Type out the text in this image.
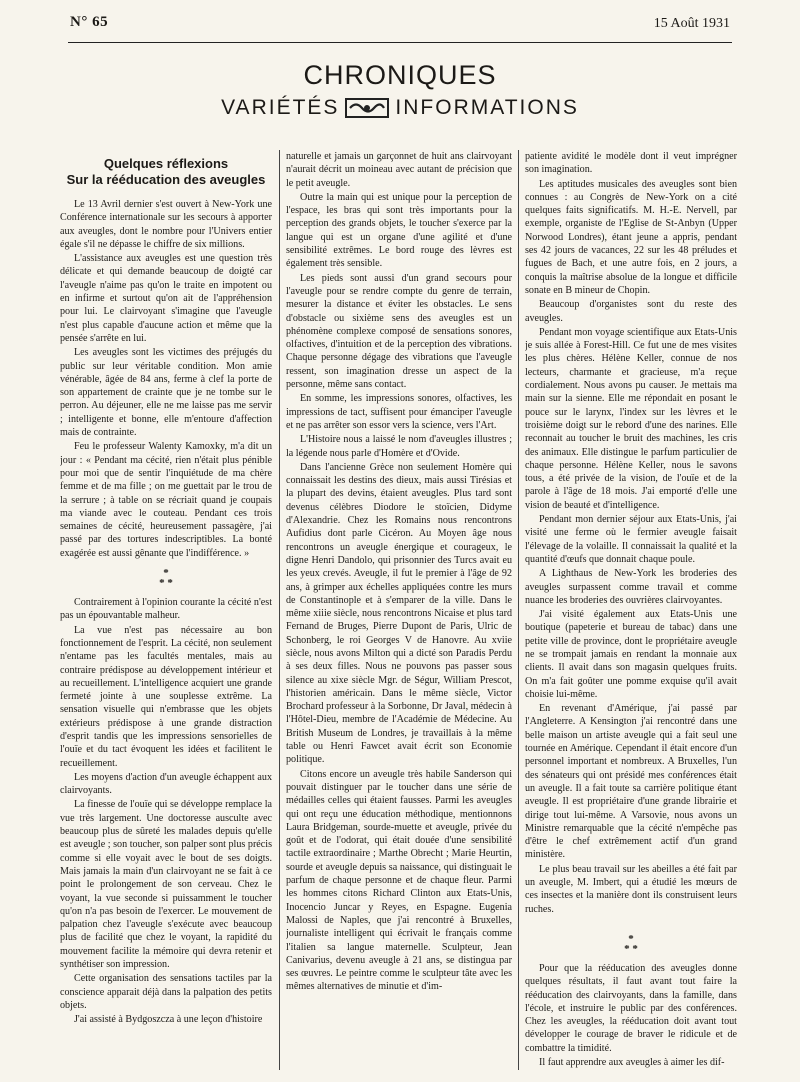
N° 65	15 Août 1931
CHRONIQUES
VARIÉTÉS	INFORMATIONS
Quelques réflexions
Sur la rééducation des aveugles

Le 13 Avril dernier s'est ouvert à New-York une Conférence internationale sur les secours à apporter aux aveugles, dont le nombre pour l'Univers entier égale s'il ne dépasse le chiffre de six millions.

L'assistance aux aveugles est une question très délicate et qui demande beaucoup de doigté car l'aveugle n'aime pas qu'on le traite en impotent ou en infirme et surtout qu'on ait de l'appréhension pour lui. Le clairvoyant s'imagine que l'aveugle n'est plus capable d'aucune action et même que la pensée s'arrête en lui.

Les aveugles sont les victimes des préjugés du public sur leur véritable condition. Mon amie vénérable, âgée de 84 ans, ferme à clef la porte de son appartement de crainte que je ne tombe sur le perron. Au déjeuner, elle ne me laisse pas me servir ; intelligente et bonne, elle m'entoure d'affection mais de contrainte.

Feu le professeur Walenty Kamoxky, m'a dit un jour : « Pendant ma cécité, rien n'était plus pénible pour moi que de sentir l'inquiétude de ma chère femme et de ma fille ; on me guettait par le trou de la serrure ; à table on se récriait quand je coupais ma viande avec le couteau. Pendant ces trois semaines de cécité, heureusement passagère, j'ai passé par des tortures indescriptibles. La bonté exagérée est aussi gênante que l'indifférence. »

*
* *

Contrairement à l'opinion courante la cécité n'est pas un épouvantable malheur.

La vue n'est pas nécessaire au bon fonctionnement de l'esprit. La cécité, non seulement n'entame pas les facultés mentales, mais au contraire prédispose au développement intérieur et au recueillement. L'intelligence acquiert une grande fermeté jointe à une souplesse extrême. La sensation visuelle qui n'embrasse que les objets extérieurs prédispose à une grande distraction d'esprit tandis que les impressions sensorielles de l'ouïe et du tact évoquent les idées et facilitent le recueillement.

Les moyens d'action d'un aveugle échappent aux clairvoyants.

La finesse de l'ouïe qui se développe remplace la vue très largement. Une doctoresse ausculte avec beaucoup plus de sûreté les malades depuis qu'elle est aveugle ; son toucher, son palper sont plus précis comme si elle voyait avec le bout de ses doigts. Mais jamais la main d'un clairvoyant ne se fait à ce point le prolongement de son cerveau. Chez le voyant, la vue seconde si puissamment le toucher qu'on n'a pas besoin de l'exercer. Le mouvement de palpation chez l'aveugle s'exécute avec beaucoup plus de facilité que chez le voyant, la rapidité du mouvement facilite la mémoire qui devra retenir et synthétiser son impression.

Cette organisation des sensations tactiles par la conscience apparait déjà dans la palpation des petits objets.

J'ai assisté à Bydgoszcza à une leçon d'histoire

naturelle et jamais un garçonnet de huit ans clairvoyant n'aurait décrit un moineau avec autant de précision que le petit aveugle.

Outre la main qui est unique pour la perception de l'espace, les bras qui sont très importants pour la perception des grands objets, le toucher s'exerce par la langue qui est un organe d'une agilité et d'une sensibilité extrêmes. Le bord rouge des lèvres est également très sensible.

Les pieds sont aussi d'un grand secours pour l'aveugle pour se rendre compte du genre de terrain, mesurer la distance et éviter les obstacles. Le sens d'obstacle ou sixième sens des aveugles est un phénomène complexe composé de sensations sonores, olfactives, d'intuition et de la perception des vibrations. Chaque personne dégage des vibrations que l'aveugle ressent, son imagination dresse un aspect de la personne, même sans contact.

En somme, les impressions sonores, olfactives, les impressions de tact, suffisent pour émanciper l'aveugle et ne pas arrêter son essor vers la science, vers l'Art.

L'Histoire nous a laissé le nom d'aveugles illustres ; la légende nous parle d'Homère et d'Ovide.

Dans l'ancienne Grèce non seulement Homère qui connaissait les destins des dieux, mais aussi Tirésias et la plupart des devins, étaient aveugles. Plus tard sont devenus célèbres Diodore le stoïcien, Didyme d'Alexandrie. Chez les Romains nous rencontrons Aufidius dont parle Cicéron. Au Moyen âge nous rencontrons un aveugle énergique et courageux, le digne Henri Dandolo, qui prisonnier des Turcs avait eu les yeux crevés. Aveugle, il fut le premier à l'âge de 92 ans, à grimper aux échelles appliquées contre les murs de Constantinople et à s'emparer de la ville. Dans le même xiiie siècle, nous rencontrons Nicaise et plus tard Fernand de Bruges, Pierre Dupont de Paris, Ulric de Schonberg, le roi Georges V de Hanovre. Au xviie siècle, nous avons Milton qui a dicté son Paradis Perdu à ses deux filles. Nous ne pouvons pas passer sous silence au xixe siècle Mgr. de Ségur, William Prescot, l'historien américain. Dans le même siècle, Victor Brochard professeur à la Sorbonne, Dr Javal, médecin à l'Hôtel-Dieu, membre de l'Académie de Médecine. Au British Museum de Londres, je travaillais à la même table ou Henri Fawcet avait écrit son Economie politique.

Citons encore un aveugle très habile Sanderson qui pouvait distinguer par le toucher dans une série de médailles celles qui étaient fausses. Parmi les aveugles qui ont reçu une éducation méthodique, mentionnons Laura Bridgeman, sourde-muette et aveugle, privée du goût et de l'odorat, qui était douée d'une sensibilité tactile extraordinaire ; Marthe Obrecht ; Marie Heurtin, sourde et aveugle depuis sa naissance, qui distinguait le parfum de chaque personne et de chaque fleur. Parmi les hommes citons Richard Clinton aux Etats-Unis, Inocencio Juncar y Reyes, en Espagne. Eugenia Malossi de Naples, que j'ai rencontré à Bruxelles, journaliste intelligent qui écrivait le français comme l'italien sa langue maternelle. Sculpteur, Jean Canivarius, devenu aveugle à 21 ans, se distingua par ses œuvres. Le peintre comme le sculpteur tâte avec les mêmes alternatives de minutie et d'im-

patiente avidité le modèle dont il veut imprégner son imagination.

Les aptitudes musicales des aveugles sont bien connues : au Congrès de New-York on a cité quelques faits significatifs. M. H.-E. Nervell, par exemple, organiste de l'Eglise de St-Anbyn (Upper Norwood Londres), étant jeune a appris, pendant ses 42 jours de vacances, 22 sur les 48 préludes et fugues de Bach, et une autre fois, en 2 jours, a conquis la maîtrise absolue de la longue et difficile sonate en B mineur de Chopin.

Beaucoup d'organistes sont du reste des aveugles.

Pendant mon voyage scientifique aux Etats-Unis je suis allée à Forest-Hill. Ce fut une de mes visites les plus chères. Hélène Keller, connue de nos lecteurs, charmante et gracieuse, m'a reçue cordialement. Nous avons pu causer. Je mettais ma main sur la sienne. Elle me répondait en posant le pouce sur le larynx, l'index sur les lèvres et le troisième doigt sur le rebord d'une des narines. Elle reconnait au toucher le bruit des machines, les cris des animaux. Elle distingue le parfum particulier de chaque personne. Hélène Keller, nous le savons tous, a été privée de la vision, de l'ouïe et de la parole à l'âge de 18 mois. J'ai emporté d'elle une vision de beauté et d'intelligence.

Pendant mon dernier séjour aux Etats-Unis, j'ai visité une ferme où le fermier aveugle faisait l'élevage de la volaille. Il connaissait la qualité et la quantité d'œufs que donnait chaque poule.

A Lighthaus de New-York les broderies des aveugles surpassent comme travail et comme nuance les broderies des ouvrières clairvoyantes.

J'ai visité également aux Etats-Unis une boutique (papeterie et bureau de tabac) dans une petite ville de province, dont le propriétaire aveugle ne se trompait jamais en rendant la monnaie aux clients. Il avait dans son magasin quelques fruits. On m'a fait goûter une pomme exquise qu'il avait choisie lui-même.

En revenant d'Amérique, j'ai passé par l'Angleterre. A Kensington j'ai rencontré dans une belle maison un artiste aveugle qui a fait seul une tournée en Amérique. Cependant il était encore d'un personnel important et nombreux. A Bruxelles, l'un des sénateurs qui ont présidé mes conférences était un aveugle. Il a fait toute sa carrière politique étant aveugle. Il est propriétaire d'une grande librairie et dirige tout lui-même. A Varsovie, nous avons un Ministre remarquable que la cécité n'empêche pas d'être le chef extrêmement actif d'un grand ministère.

Le plus beau travail sur les abeilles a été fait par un aveugle, M. Imbert, qui a étudié les mœurs de ces insectes et la manière dont ils construisent leurs ruches.

*
* *

Pour que la rééducation des aveugles donne quelques résultats, il faut avant tout faire la rééducation des clairvoyants, dans la famille, dans l'école, et instruire le public par des conférences. Chez les aveugles, la rééducation doit avant tout développer le courage de braver le ridicule et de combattre la timidité.

Il faut apprendre aux aveugles à aimer les dif-
